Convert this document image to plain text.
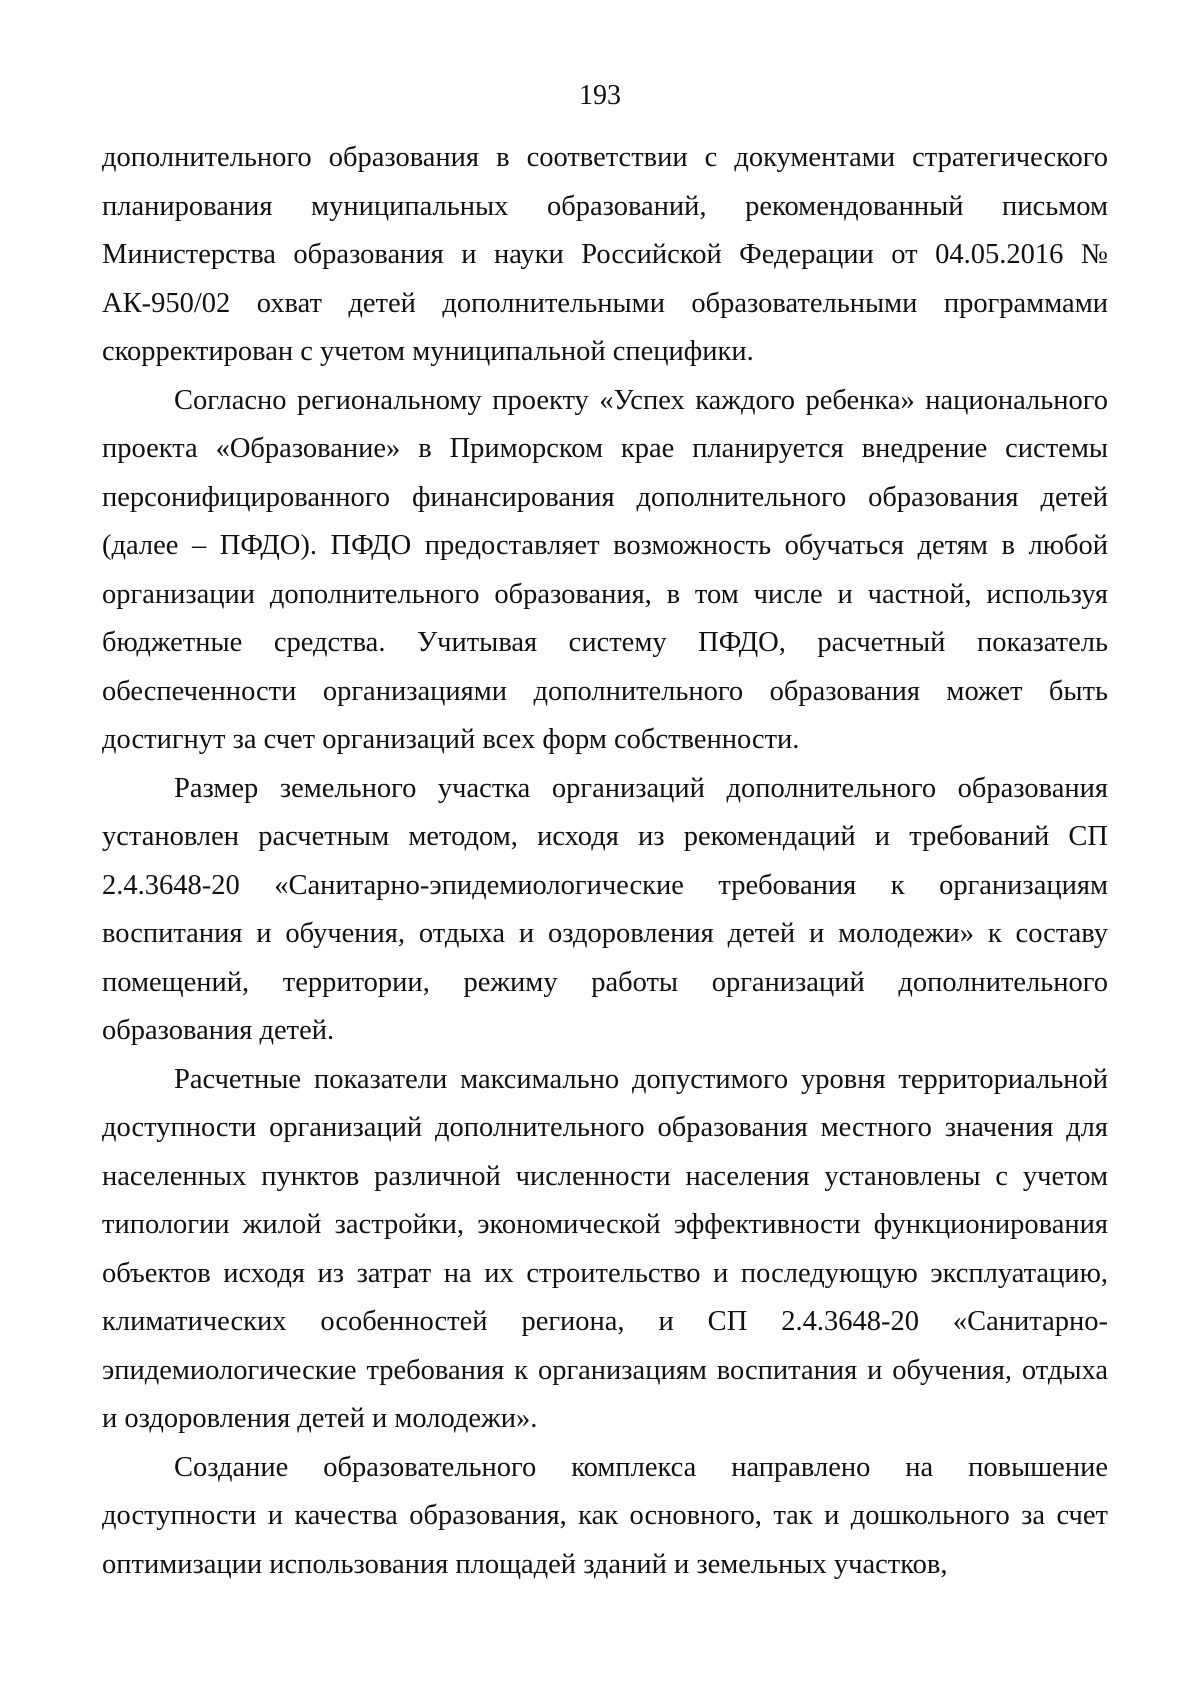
193

дополнительного образования в соответствии с документами стратегического планирования муниципальных образований, рекомендованный письмом Министерства образования и науки Российской Федерации от 04.05.2016 № АК-950/02 охват детей дополнительными образовательными программами скорректирован с учетом муниципальной специфики.

Согласно региональному проекту «Успех каждого ребенка» национального проекта «Образование» в Приморском крае планируется внедрение системы персонифицированного финансирования дополнительного образования детей (далее – ПФДО). ПФДО предоставляет возможность обучаться детям в любой организации дополнительного образования, в том числе и частной, используя бюджетные средства. Учитывая систему ПФДО, расчетный показатель обеспеченности организациями дополнительного образования может быть достигнут за счет организаций всех форм собственности.

Размер земельного участка организаций дополнительного образования установлен расчетным методом, исходя из рекомендаций и требований СП 2.4.3648-20 «Санитарно-эпидемиологические требования к организациям воспитания и обучения, отдыха и оздоровления детей и молодежи» к составу помещений, территории, режиму работы организаций дополнительного образования детей.

Расчетные показатели максимально допустимого уровня территориальной доступности организаций дополнительного образования местного значения для населенных пунктов различной численности населения установлены с учетом типологии жилой застройки, экономической эффективности функционирования объектов исходя из затрат на их строительство и последующую эксплуатацию, климатических особенностей региона, и СП 2.4.3648-20 «Санитарно-эпидемиологические требования к организациям воспитания и обучения, отдыха и оздоровления детей и молодежи».

Создание образовательного комплекса направлено на повышение доступности и качества образования, как основного, так и дошкольного за счет оптимизации использования площадей зданий и земельных участков,
